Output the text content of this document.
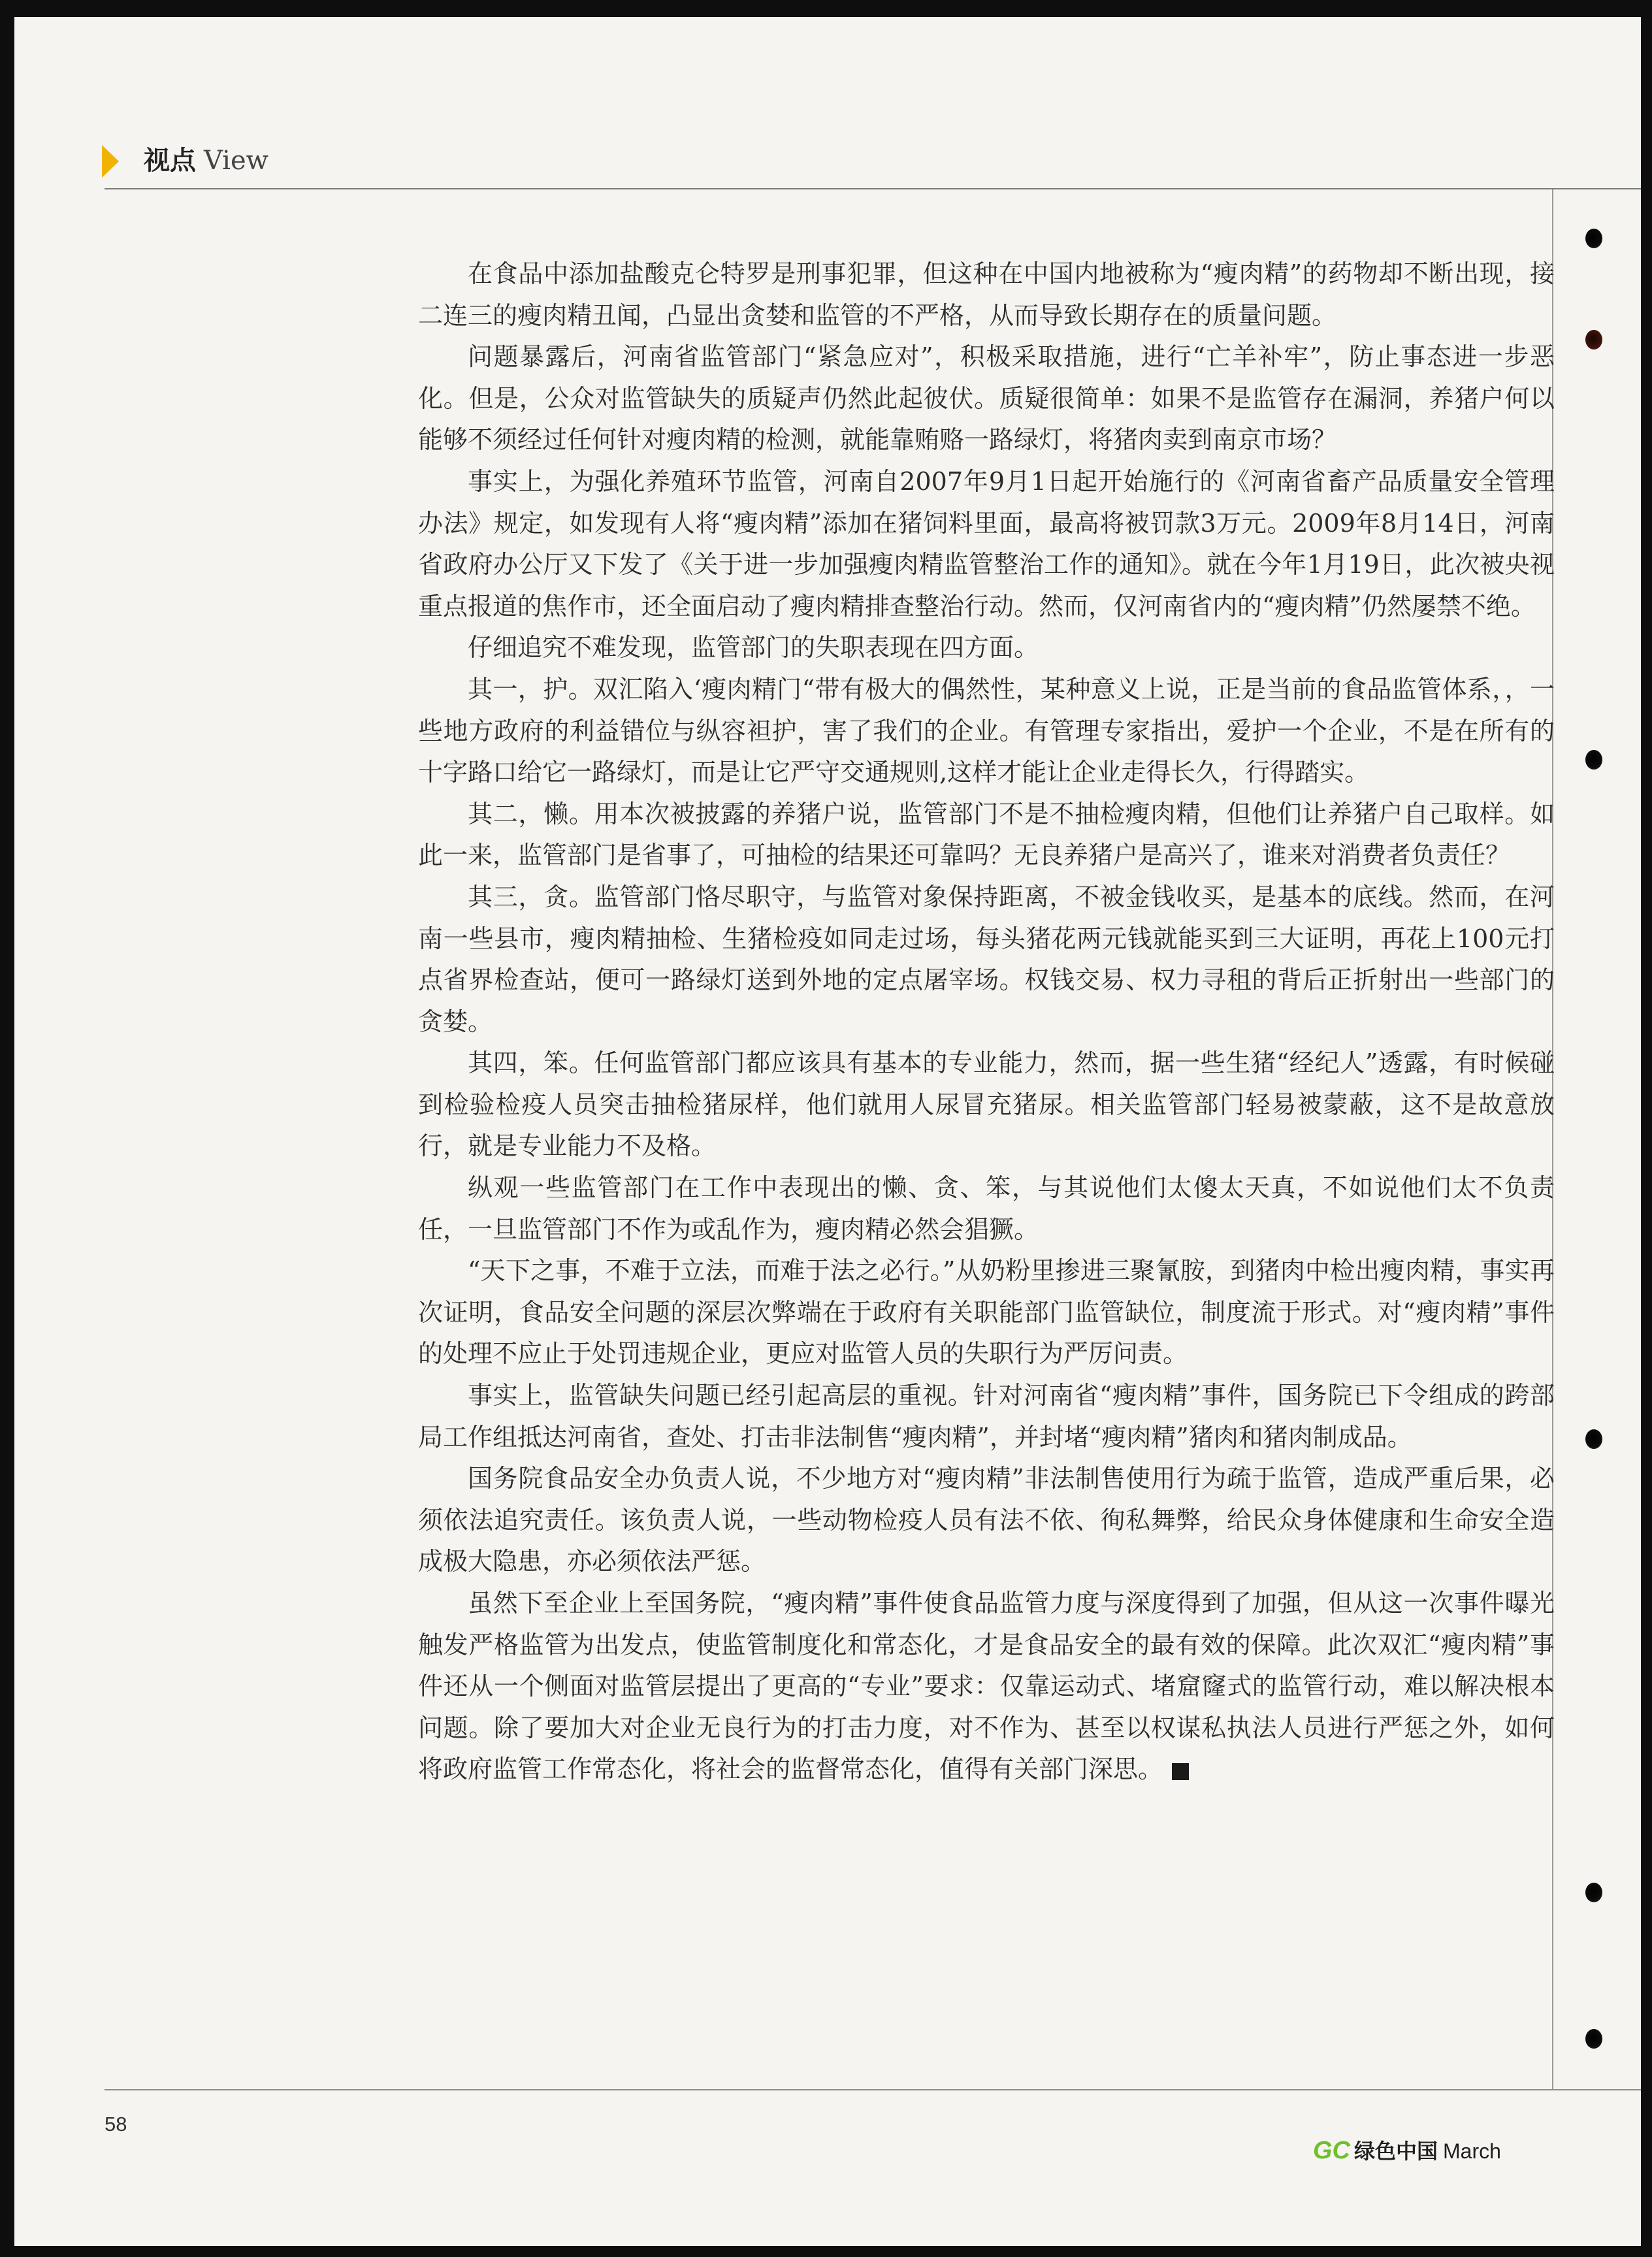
视点 View

在食品中添加盐酸克仑特罗是刑事犯罪，但这种在中国内地被称为“瘦肉精”的药物却不断出现，接二连三的瘦肉精丑闻，凸显出贪婪和监管的不严格，从而导致长期存在的质量问题。

问题暴露后，河南省监管部门“紧急应对”，积极采取措施，进行“亡羊补牢”，防止事态进一步恶化。但是，公众对监管缺失的质疑声仍然此起彼伏。质疑很简单：如果不是监管存在漏洞，养猪户何以能够不须经过任何针对瘦肉精的检测，就能靠贿赂一路绿灯，将猪肉卖到南京市场？

事实上，为强化养殖环节监管，河南自2007年9月1日起开始施行的《河南省畜产品质量安全管理办法》规定，如发现有人将“瘦肉精”添加在猪饲料里面，最高将被罚款3万元。2009年8月14日，河南省政府办公厅又下发了《关于进一步加强瘦肉精监管整治工作的通知》。就在今年1月19日，此次被央视重点报道的焦作市，还全面启动了瘦肉精排查整治行动。然而，仅河南省内的“瘦肉精”仍然屡禁不绝。

仔细追究不难发现，监管部门的失职表现在四方面。

其一，护。双汇陷入‘瘦肉精门“带有极大的偶然性，某种意义上说，正是当前的食品监管体系，，一些地方政府的利益错位与纵容袒护，害了我们的企业。有管理专家指出，爱护一个企业，不是在所有的十字路口给它一路绿灯，而是让它严守交通规则,这样才能让企业走得长久，行得踏实。

其二，懒。用本次被披露的养猪户说，监管部门不是不抽检瘦肉精，但他们让养猪户自己取样。如此一来，监管部门是省事了，可抽检的结果还可靠吗？无良养猪户是高兴了，谁来对消费者负责任？

其三，贪。监管部门恪尽职守，与监管对象保持距离，不被金钱收买，是基本的底线。然而，在河南一些县市，瘦肉精抽检、生猪检疫如同走过场，每头猪花两元钱就能买到三大证明，再花上100元打点省界检查站，便可一路绿灯送到外地的定点屠宰场。权钱交易、权力寻租的背后正折射出一些部门的贪婪。

其四，笨。任何监管部门都应该具有基本的专业能力，然而，据一些生猪“经纪人”透露，有时候碰到检验检疫人员突击抽检猪尿样，他们就用人尿冒充猪尿。相关监管部门轻易被蒙蔽，这不是故意放行，就是专业能力不及格。

纵观一些监管部门在工作中表现出的懒、贪、笨，与其说他们太傻太天真，不如说他们太不负责任，一旦监管部门不作为或乱作为，瘦肉精必然会猖獗。

“天下之事，不难于立法，而难于法之必行。”从奶粉里掺进三聚氰胺，到猪肉中检出瘦肉精，事实再次证明，食品安全问题的深层次弊端在于政府有关职能部门监管缺位，制度流于形式。对“瘦肉精”事件的处理不应止于处罚违规企业，更应对监管人员的失职行为严厉问责。

事实上，监管缺失问题已经引起高层的重视。针对河南省“瘦肉精”事件，国务院已下令组成的跨部局工作组抵达河南省，查处、打击非法制售“瘦肉精”，并封堵“瘦肉精”猪肉和猪肉制成品。

国务院食品安全办负责人说，不少地方对“瘦肉精”非法制售使用行为疏于监管，造成严重后果，必须依法追究责任。该负责人说，一些动物检疫人员有法不依、徇私舞弊，给民众身体健康和生命安全造成极大隐患，亦必须依法严惩。

虽然下至企业上至国务院，“瘦肉精”事件使食品监管力度与深度得到了加强，但从这一次事件曝光触发严格监管为出发点，使监管制度化和常态化，才是食品安全的最有效的保障。此次双汇“瘦肉精”事件还从一个侧面对监管层提出了更高的“专业”要求：仅靠运动式、堵窟窿式的监管行动，难以解决根本问题。除了要加大对企业无良行为的打击力度，对不作为、甚至以权谋私执法人员进行严惩之外，如何将政府监管工作常态化，将社会的监督常态化，值得有关部门深思。

58
GC 绿色中国 March
